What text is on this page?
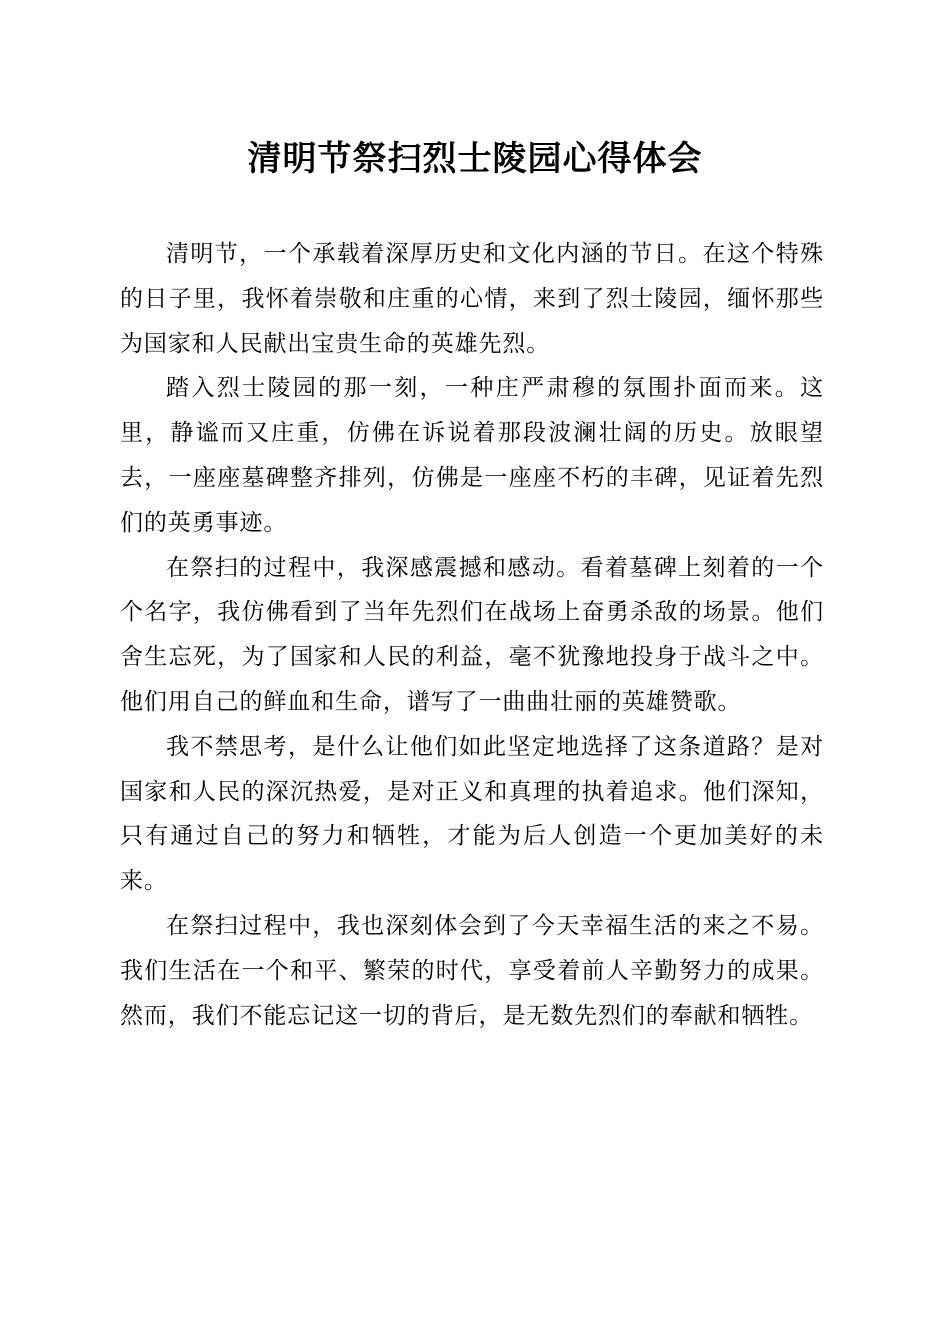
清明节祭扫烈士陵园心得体会

清明节，一个承载着深厚历史和文化内涵的节日。在这个特殊的日子里，我怀着崇敬和庄重的心情，来到了烈士陵园，缅怀那些为国家和人民献出宝贵生命的英雄先烈。

踏入烈士陵园的那一刻，一种庄严肃穆的氛围扑面而来。这里，静谧而又庄重，仿佛在诉说着那段波澜壮阔的历史。放眼望去，一座座墓碑整齐排列，仿佛是一座座不朽的丰碑，见证着先烈们的英勇事迹。

在祭扫的过程中，我深感震撼和感动。看着墓碑上刻着的一个个名字，我仿佛看到了当年先烈们在战场上奋勇杀敌的场景。他们舍生忘死，为了国家和人民的利益，毫不犹豫地投身于战斗之中。他们用自己的鲜血和生命，谱写了一曲曲壮丽的英雄赞歌。

我不禁思考，是什么让他们如此坚定地选择了这条道路？是对国家和人民的深沉热爱，是对正义和真理的执着追求。他们深知，只有通过自己的努力和牺牲，才能为后人创造一个更加美好的未来。

在祭扫过程中，我也深刻体会到了今天幸福生活的来之不易。我们生活在一个和平、繁荣的时代，享受着前人辛勤努力的成果。然而，我们不能忘记这一切的背后，是无数先烈们的奉献和牺牲。
